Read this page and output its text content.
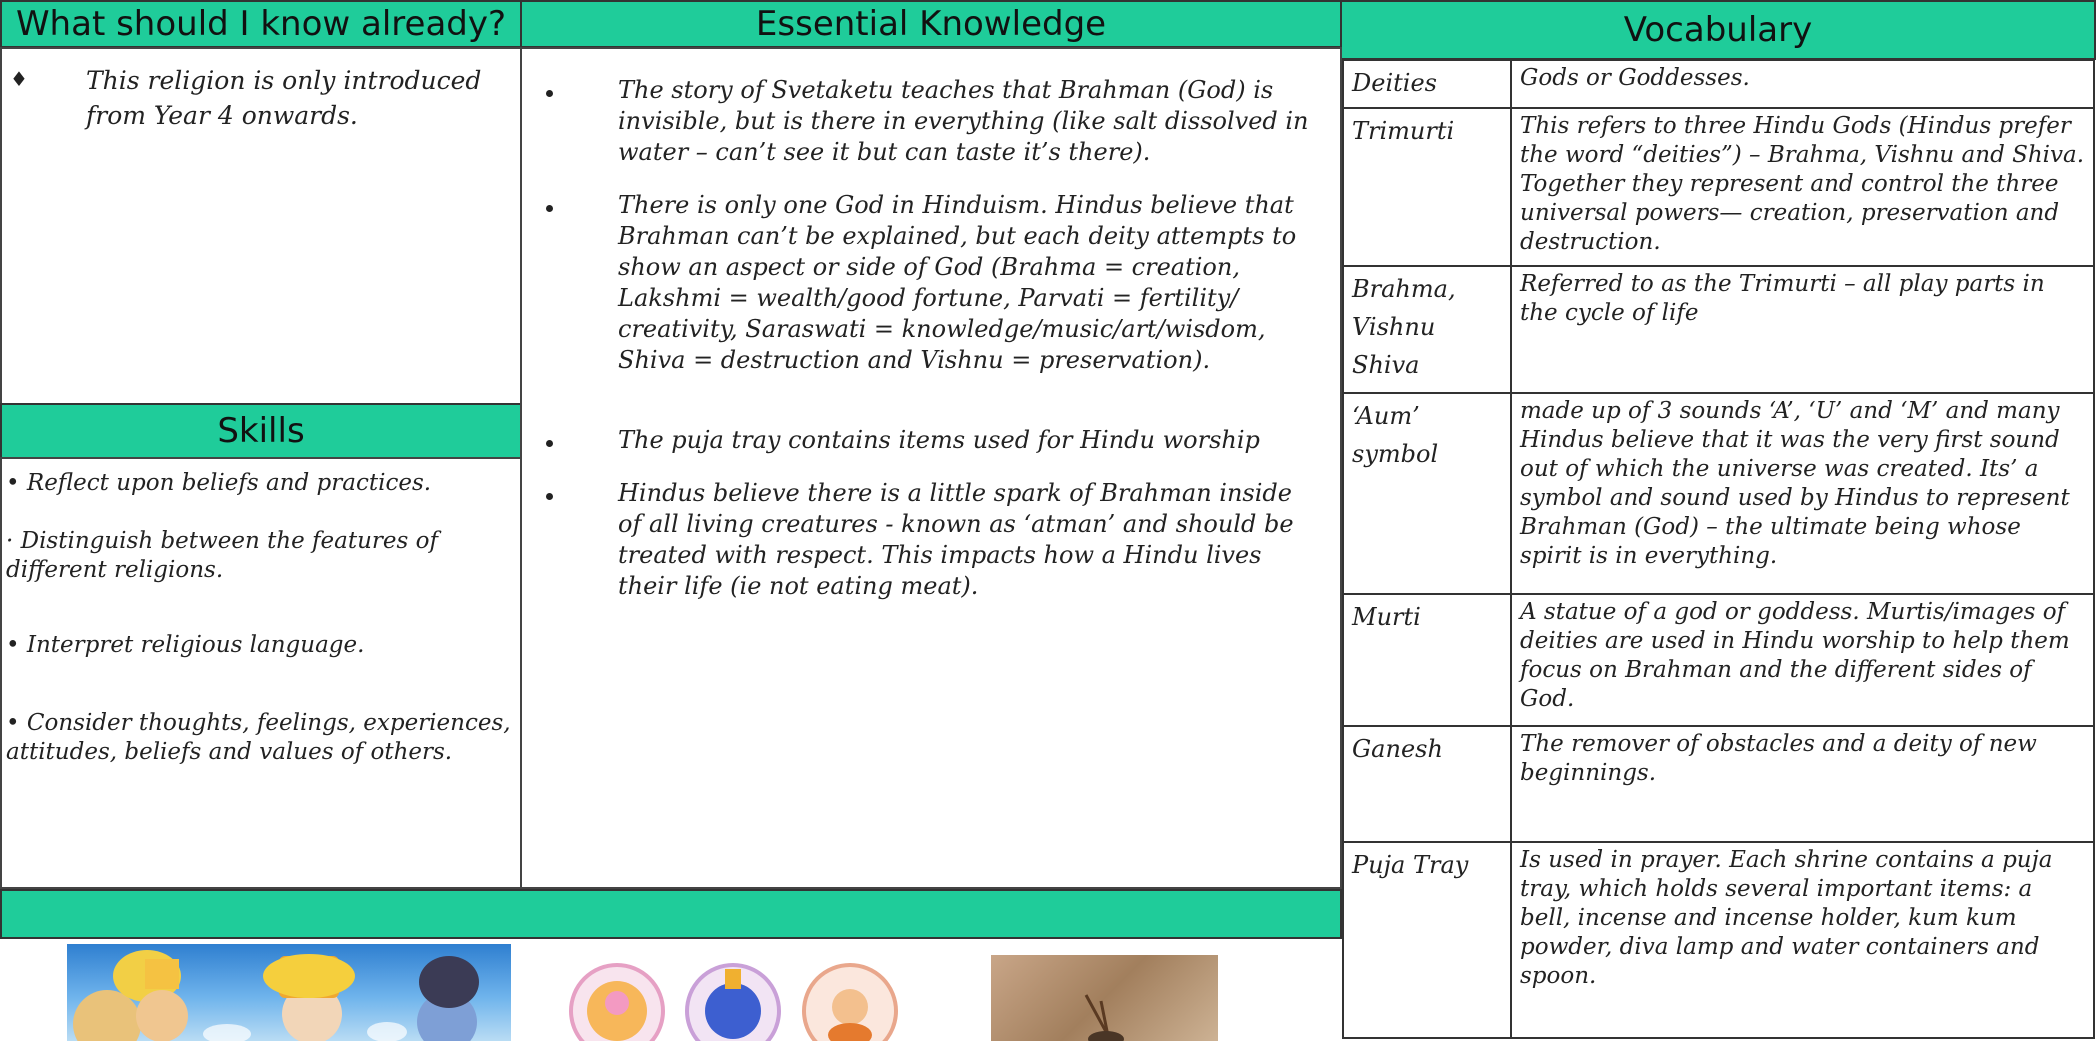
What should I know already?	Essential Knowledge	Vocabulary
♦ This religion is only introduced from Year 4 onwards.
Skills
• Reflect upon beliefs and practices.
· Distinguish between the features of different religions.
• Interpret religious language.
• Consider thoughts, feelings, experiences, attitudes, beliefs and values of others.
The story of Svetaketu teaches that Brahman (God) is invisible, but is there in everything (like salt dissolved in water – can’t see it but can taste it’s there).
There is only one God in Hinduism. Hindus believe that Brahman can’t be explained, but each deity attempts to show an aspect or side of God (Brahma = creation, Lakshmi = wealth/good fortune, Parvati = fertility/ creativity, Saraswati = knowledge/music/art/wisdom, Shiva = destruction and Vishnu = preservation).
The puja tray contains items used for Hindu worship
Hindus believe there is a little spark of Brahman inside of all living creatures - known as ‘atman’ and should be treated with respect. This impacts how a Hindu lives their life (ie not eating meat).
Deities	Gods or Goddesses.
Trimurti	This refers to three Hindu Gods (Hindus prefer the word “deities”) – Brahma, Vishnu and Shiva. Together they represent and control the three universal powers— creation, preservation and destruction.

Brahma, Vishnu Shiva	Referred to as the Trimurti – all play parts in the cycle of life
‘Aum’ symbol	made up of 3 sounds ‘A’, ‘U’ and ‘M’ and many Hindus believe that it was the very first sound out of which the universe was created. Its’ a symbol and sound used by Hindus to represent Brahman (God) – the ultimate being whose spirit is in everything.
Murti	A statue of a god or goddess. Murtis/images of deities are used in Hindu worship to help them focus on Brahman and the different sides of God.
Ganesh	The remover of obstacles and a deity of new beginnings.
Puja Tray	Is used in prayer. Each shrine contains a puja tray, which holds several important items: a bell, incense and incense holder, kum kum powder, diva lamp and water containers and spoon.
